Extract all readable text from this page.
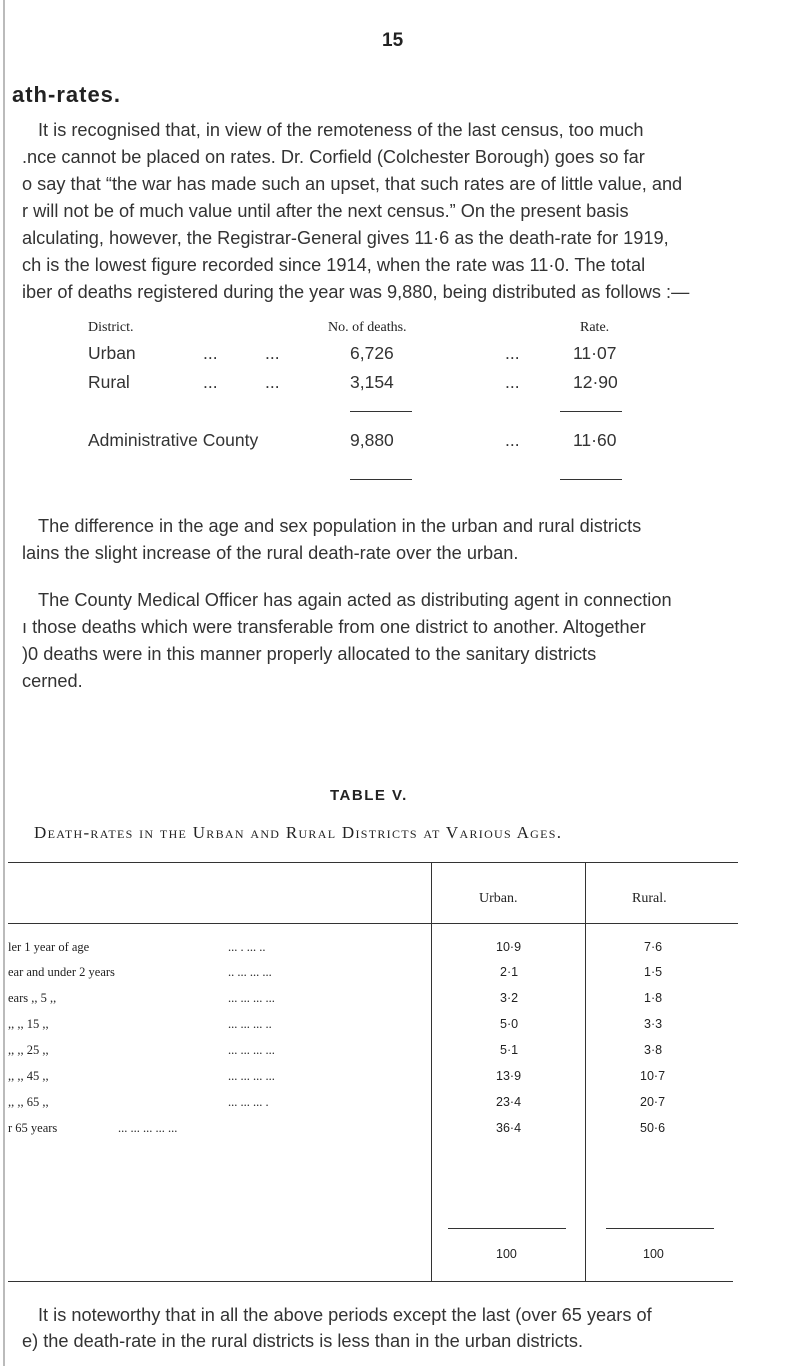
15
ath-rates.
It is recognised that, in view of the remoteness of the last census, too much
.nce cannot be placed on rates. Dr. Corfield (Colchester Borough) goes so far
o say that “the war has made such an upset, that such rates are of little value, and
r will not be of much value until after the next census.” On the present basis
alculating, however, the Registrar-General gives 11·6 as the death-rate for 1919,
ch is the lowest figure recorded since 1914, when the rate was 11·0. The total
iber of deaths registered during the year was 9,880, being distributed as follows :—
District.	No. of deaths.	Rate.
Urban	...	...	6,726	...	11·07
Rural	...	...	3,154	...	12·90
Administrative County	9,880	...	11·60
The difference in the age and sex population in the urban and rural districts
lains the slight increase of the rural death-rate over the urban.
The County Medical Officer has again acted as distributing agent in connection
ı those deaths which were transferable from one district to another. Altogether
)0 deaths were in this manner properly allocated to the sanitary districts
cerned.
TABLE V.
Death-rates in the Urban and Rural Districts at Various Ages.
Urban.	Rural.
ler 1 year of age	... . ... ..	10·9	7·6
ear and under 2 years	.. ... ... ...	2·1	1·5
ears ,, 5 ,,	... ... ... ...	3·2	1·8
,, ,, 15 ,,	... ... ... ..	5·0	3·3
,, ,, 25 ,,	... ... ... ...	5·1	3·8
,, ,, 45 ,,	... ... ... ...	13·9	10·7
,, ,, 65 ,,	... ... ... .	23·4	20·7
r 65 years	... ... ... ... ...	36·4	50·6
100	100
It is noteworthy that in all the above periods except the last (over 65 years of
e) the death-rate in the rural districts is less than in the urban districts.
